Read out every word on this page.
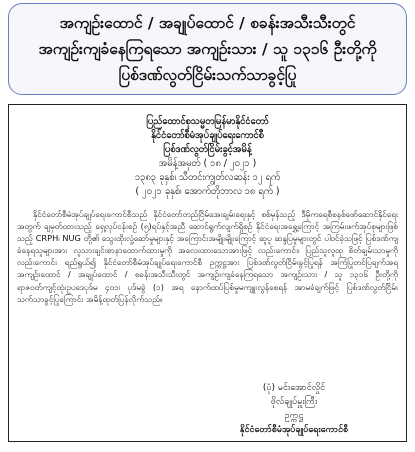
အကျဉ်းထောင် / အချုပ်ထောင် / စခန်းအသီးသီးတွင်
အကျဉ်းကျခံနေကြရသော အကျဉ်းသား / သူ ၁၃၁၆ ဦးတို့ကို
ပြစ်ဒဏ်လွတ်ငြိမ်းသက်သာခွင့်ပြု
ပြည်ထောင်စုသမ္မတမြန်မာနိုင်ငံတော်
နိုင်ငံတော်စီမံအုပ်ချုပ်ရေးကောင်စီ
ပြစ်ဒဏ်လွတ်ငြိမ်းခွင့်အမိန့်
အမိန့်အမှတ် ( ၁၈ / ၂၀၂၁ )
၁၃၈၃ ခုနှစ်၊ သီတင်းကျွတ်လဆန်း ၁၂ ရက်
( ၂၀၂၁ ခုနှစ်၊ အောက်တိုဘာလ ၁၈ ရက် )
နိုင်ငံတော်စီမံအုပ်ချုပ်ရေးကောင်စီသည် နိုင်ငံတော်တည်ငြိမ်အေးချမ်းရေးနှင့် စစ်မှန်သည့် ဒီမိုကရေစီစနစ်ဖော်ဆောင်နိုင်ရေးအတွက် ချမှတ်ထားသည့် ရှေ့လုပ်ငန်းစဉ် (၅)ရပ်နှင့်အညီ ဆောင်ရွက်လျက်ရှိစဉ် နိုင်ငံရေးအရွှေ့ကြောင့် အကြမ်းဖက်အုပ်စုများဖြစ်သည့် CRPH၊ NUG တို့၏ သွေးထိုးလှုံ့ဆော်မှုများနှင့် အကြောင်းအမျိုးမျိုးကြောင့် ဆူပူ ဆန္ဒပြမှုများတွင် ပါဝင်ခဲ့သဖြင့် ပြစ်ဒဏ်ကျခံနေရသူများအား လူသားချင်းစာနာထောက်ထားမှုကို အလေးထားသောအားဖြင့် လည်းကောင်း၊ ပြည်သူလူထု စိတ်ချမ်းသာမှုကိုလည်းကောင်း ရည်ရွယ်၍ နိုင်ငံတော်စီမံအုပ်ချုပ်ရေးကောင်စီ ဥက္ကဋ္ဌအား ပြစ်ဒဏ်လွတ်ငြိမ်းခွင့်ပြုရန် အကြံပြုတင်ပြချက်အရ အကျဉ်းထောင် / အချုပ်ထောင် / စခန်းအသီးသီးတွင် အကျဉ်းကျခံနေကြရသော အကျဉ်းသား / သူ ၁၃၁၆ ဦးတို့ကို ရာဇဝတ်ကျင့်ထုံးဥပဒေပုဒ်မ ၄၀၁၊ ပုဒ်မခွဲ (၁) အရ နောက်ထပ်ပြစ်မှုမကျူးလွန်စေရန် အာမခံချက်ဖြင့် ပြစ်ဒဏ်လွတ်ငြိမ်းသက်သာခွင့်ပြုကြောင်း အမိန့်ထုတ်ပြန်လိုက်သည်။
(ပုံ) မင်းအောင်လှိုင်
ဗိုလ်ချုပ်မှူးကြီး
ဥက္ကဋ္ဌ
နိုင်ငံတော်စီမံအုပ်ချုပ်ရေးကောင်စီ
